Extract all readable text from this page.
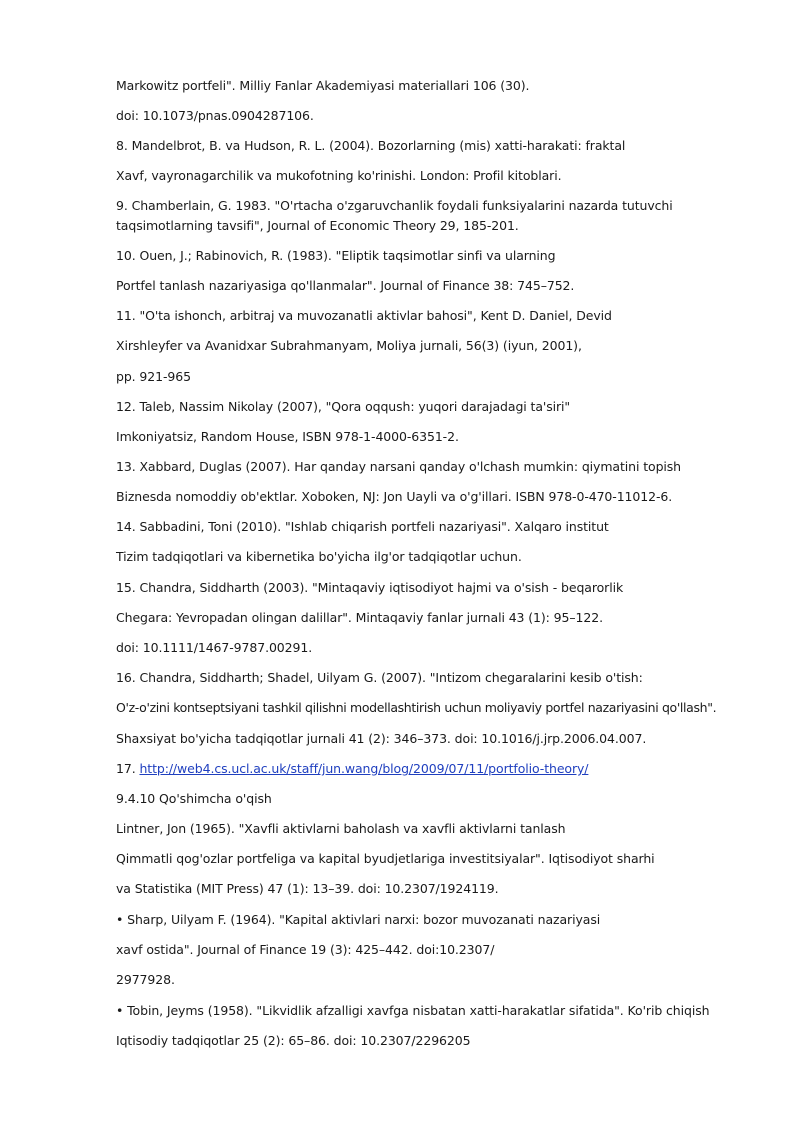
Markowitz portfeli". Milliy Fanlar Akademiyasi materiallari 106 (30).
doi: 10.1073/pnas.0904287106.
8. Mandelbrot, B. va Hudson, R. L. (2004). Bozorlarning (mis) xatti-harakati: fraktal
Xavf, vayronagarchilik va mukofotning ko'rinishi. London: Profil kitoblari.
9. Chamberlain, G. 1983. "O'rtacha o'zgaruvchanlik foydali funksiyalarini nazarda tutuvchi
taqsimotlarning tavsifi", Journal of Economic Theory 29, 185-201.
10. Ouen, J.; Rabinovich, R. (1983). "Eliptik taqsimotlar sinfi va ularning
Portfel tanlash nazariyasiga qo'llanmalar". Journal of Finance 38: 745–752.
11. "O'ta ishonch, arbitraj va muvozanatli aktivlar bahosi", Kent D. Daniel, Devid
Xirshleyfer va Avanidxar Subrahmanyam, Moliya jurnali, 56(3) (iyun, 2001),
pp. 921-965
12. Taleb, Nassim Nikolay (2007), "Qora oqqush: yuqori darajadagi ta'siri"
Imkoniyatsiz, Random House, ISBN 978-1-4000-6351-2.
13. Xabbard, Duglas (2007). Har qanday narsani qanday o'lchash mumkin: qiymatini topish
Biznesda nomoddiy ob'ektlar. Xoboken, NJ: Jon Uayli va o'g'illari. ISBN 978-0-470-11012-6.
14. Sabbadini, Toni (2010). "Ishlab chiqarish portfeli nazariyasi". Xalqaro institut
Tizim tadqiqotlari va kibernetika bo'yicha ilg'or tadqiqotlar uchun.
15. Chandra, Siddharth (2003). "Mintaqaviy iqtisodiyot hajmi va o'sish - beqarorlik
Chegara: Yevropadan olingan dalillar". Mintaqaviy fanlar jurnali 43 (1): 95–122.
doi: 10.1111/1467-9787.00291.
16. Chandra, Siddharth; Shadel, Uilyam G. (2007). "Intizom chegaralarini kesib o'tish:
O'z-o'zini kontseptsiyani tashkil qilishni modellashtirish uchun moliyaviy portfel nazariyasini qo'llash".
Shaxsiyat bo'yicha tadqiqotlar jurnali 41 (2): 346–373. doi: 10.1016/j.jrp.2006.04.007.
17. http://web4.cs.ucl.ac.uk/staff/jun.wang/blog/2009/07/11/portfolio-theory/
9.4.10 Qo'shimcha o'qish
Lintner, Jon (1965). "Xavfli aktivlarni baholash va xavfli aktivlarni tanlash
Qimmatli qog'ozlar portfeliga va kapital byudjetlariga investitsiyalar". Iqtisodiyot sharhi
va Statistika (MIT Press) 47 (1): 13–39. doi: 10.2307/1924119.
• Sharp, Uilyam F. (1964). "Kapital aktivlari narxi: bozor muvozanati nazariyasi
xavf ostida". Journal of Finance 19 (3): 425–442. doi:10.2307/
2977928.
• Tobin, Jeyms (1958). "Likvidlik afzalligi xavfga nisbatan xatti-harakatlar sifatida". Ko'rib chiqish
Iqtisodiy tadqiqotlar 25 (2): 65–86. doi: 10.2307/2296205
